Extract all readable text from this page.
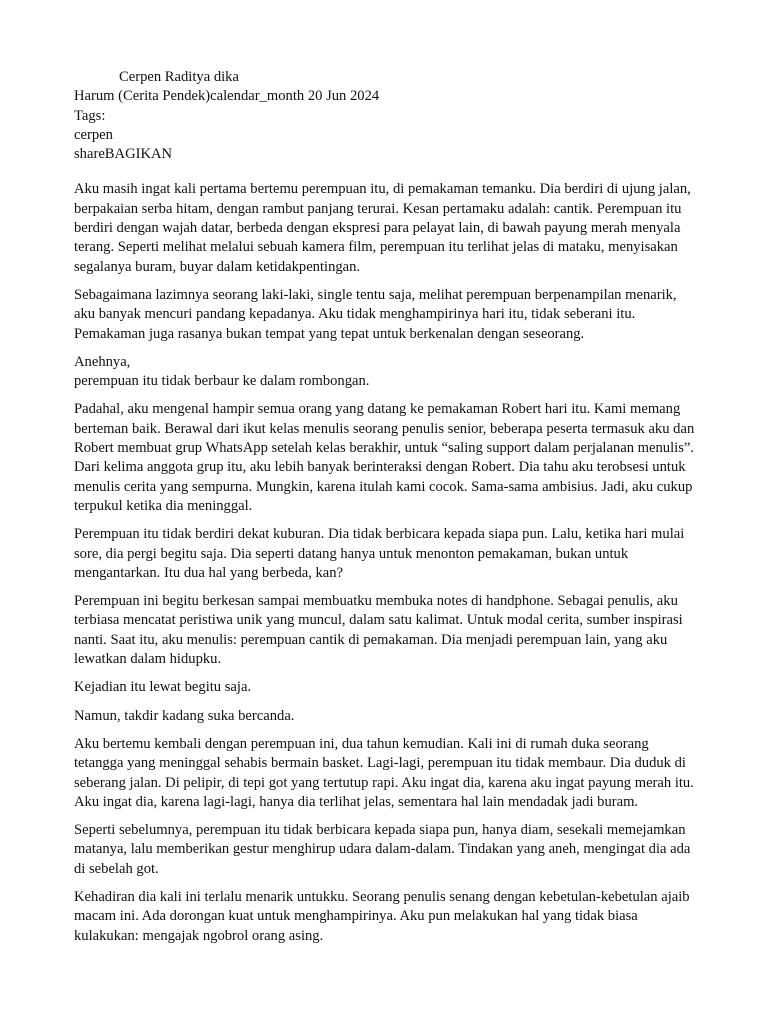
Cerpen Raditya dika

Harum (Cerita Pendek)calendar_month 20 Jun 2024

Tags:

cerpen

shareBAGIKAN

Aku masih ingat kali pertama bertemu perempuan itu, di pemakaman temanku. Dia berdiri di ujung jalan, berpakaian serba hitam, dengan rambut panjang terurai. Kesan pertamaku adalah: cantik. Perempuan itu berdiri dengan wajah datar, berbeda dengan ekspresi para pelayat lain, di bawah payung merah menyala terang. Seperti melihat melalui sebuah kamera film, perempuan itu terlihat jelas di mataku, menyisakan segalanya buram, buyar dalam ketidakpentingan.

Sebagaimana lazimnya seorang laki-laki, single tentu saja, melihat perempuan berpenampilan menarik, aku banyak mencuri pandang kepadanya. Aku tidak menghampirinya hari itu, tidak seberani itu. Pemakaman juga rasanya bukan tempat yang tepat untuk berkenalan dengan seseorang.

Anehnya,
perempuan itu tidak berbaur ke dalam rombongan.

Padahal, aku mengenal hampir semua orang yang datang ke pemakaman Robert hari itu. Kami memang berteman baik. Berawal dari ikut kelas menulis seorang penulis senior, beberapa peserta termasuk aku dan Robert membuat grup WhatsApp setelah kelas berakhir, untuk “saling support dalam perjalanan menulis”. Dari kelima anggota grup itu, aku lebih banyak berinteraksi dengan Robert. Dia tahu aku terobsesi untuk menulis cerita yang sempurna. Mungkin, karena itulah kami cocok. Sama-sama ambisius. Jadi, aku cukup terpukul ketika dia meninggal.

Perempuan itu tidak berdiri dekat kuburan. Dia tidak berbicara kepada siapa pun. Lalu, ketika hari mulai sore, dia pergi begitu saja. Dia seperti datang hanya untuk menonton pemakaman, bukan untuk mengantarkan. Itu dua hal yang berbeda, kan?

Perempuan ini begitu berkesan sampai membuatku membuka notes di handphone. Sebagai penulis, aku terbiasa mencatat peristiwa unik yang muncul, dalam satu kalimat. Untuk modal cerita, sumber inspirasi nanti. Saat itu, aku menulis: perempuan cantik di pemakaman. Dia menjadi perempuan lain, yang aku lewatkan dalam hidupku.

Kejadian itu lewat begitu saja.

Namun, takdir kadang suka bercanda.

Aku bertemu kembali dengan perempuan ini, dua tahun kemudian. Kali ini di rumah duka seorang tetangga yang meninggal sehabis bermain basket. Lagi-lagi, perempuan itu tidak membaur. Dia duduk di seberang jalan. Di pelipir, di tepi got yang tertutup rapi. Aku ingat dia, karena aku ingat payung merah itu. Aku ingat dia, karena lagi-lagi, hanya dia terlihat jelas, sementara hal lain mendadak jadi buram.

Seperti sebelumnya, perempuan itu tidak berbicara kepada siapa pun, hanya diam, sesekali memejamkan matanya, lalu memberikan gestur menghirup udara dalam-dalam. Tindakan yang aneh, mengingat dia ada di sebelah got.

Kehadiran dia kali ini terlalu menarik untukku. Seorang penulis senang dengan kebetulan-kebetulan ajaib macam ini. Ada dorongan kuat untuk menghampirinya. Aku pun melakukan hal yang tidak biasa kulakukan: mengajak ngobrol orang asing.
